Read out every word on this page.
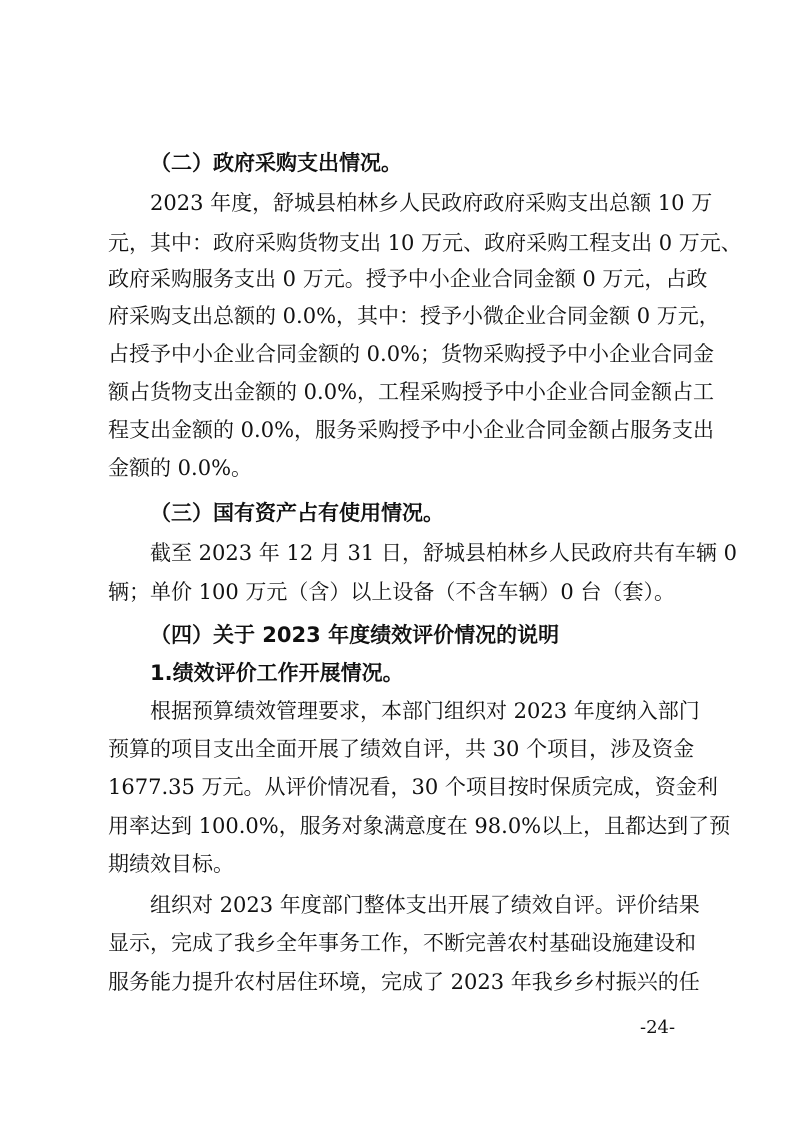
（二）政府采购支出情况。
2023 年度，舒城县柏林乡人民政府政府采购支出总额 10 万
元，其中：政府采购货物支出 10 万元、政府采购工程支出 0 万元、
政府采购服务支出 0 万元。授予中小企业合同金额 0 万元，占政
府采购支出总额的 0.0%，其中：授予小微企业合同金额 0 万元，
占授予中小企业合同金额的 0.0%；货物采购授予中小企业合同金
额占货物支出金额的 0.0%，工程采购授予中小企业合同金额占工
程支出金额的 0.0%，服务采购授予中小企业合同金额占服务支出
金额的 0.0%。
（三）国有资产占有使用情况。
截至 2023 年 12 月 31 日，舒城县柏林乡人民政府共有车辆 0
辆；单价 100 万元（含）以上设备（不含车辆）0 台（套）。
（四）关于 2023 年度绩效评价情况的说明
1.绩效评价工作开展情况。
根据预算绩效管理要求，本部门组织对 2023 年度纳入部门
预算的项目支出全面开展了绩效自评，共 30 个项目，涉及资金
1677.35 万元。从评价情况看，30 个项目按时保质完成，资金利
用率达到 100.0%，服务对象满意度在 98.0%以上，且都达到了预
期绩效目标。
组织对 2023 年度部门整体支出开展了绩效自评。评价结果
显示，完成了我乡全年事务工作，不断完善农村基础设施建设和
服务能力提升农村居住环境，完成了 2023 年我乡乡村振兴的任
-24-
